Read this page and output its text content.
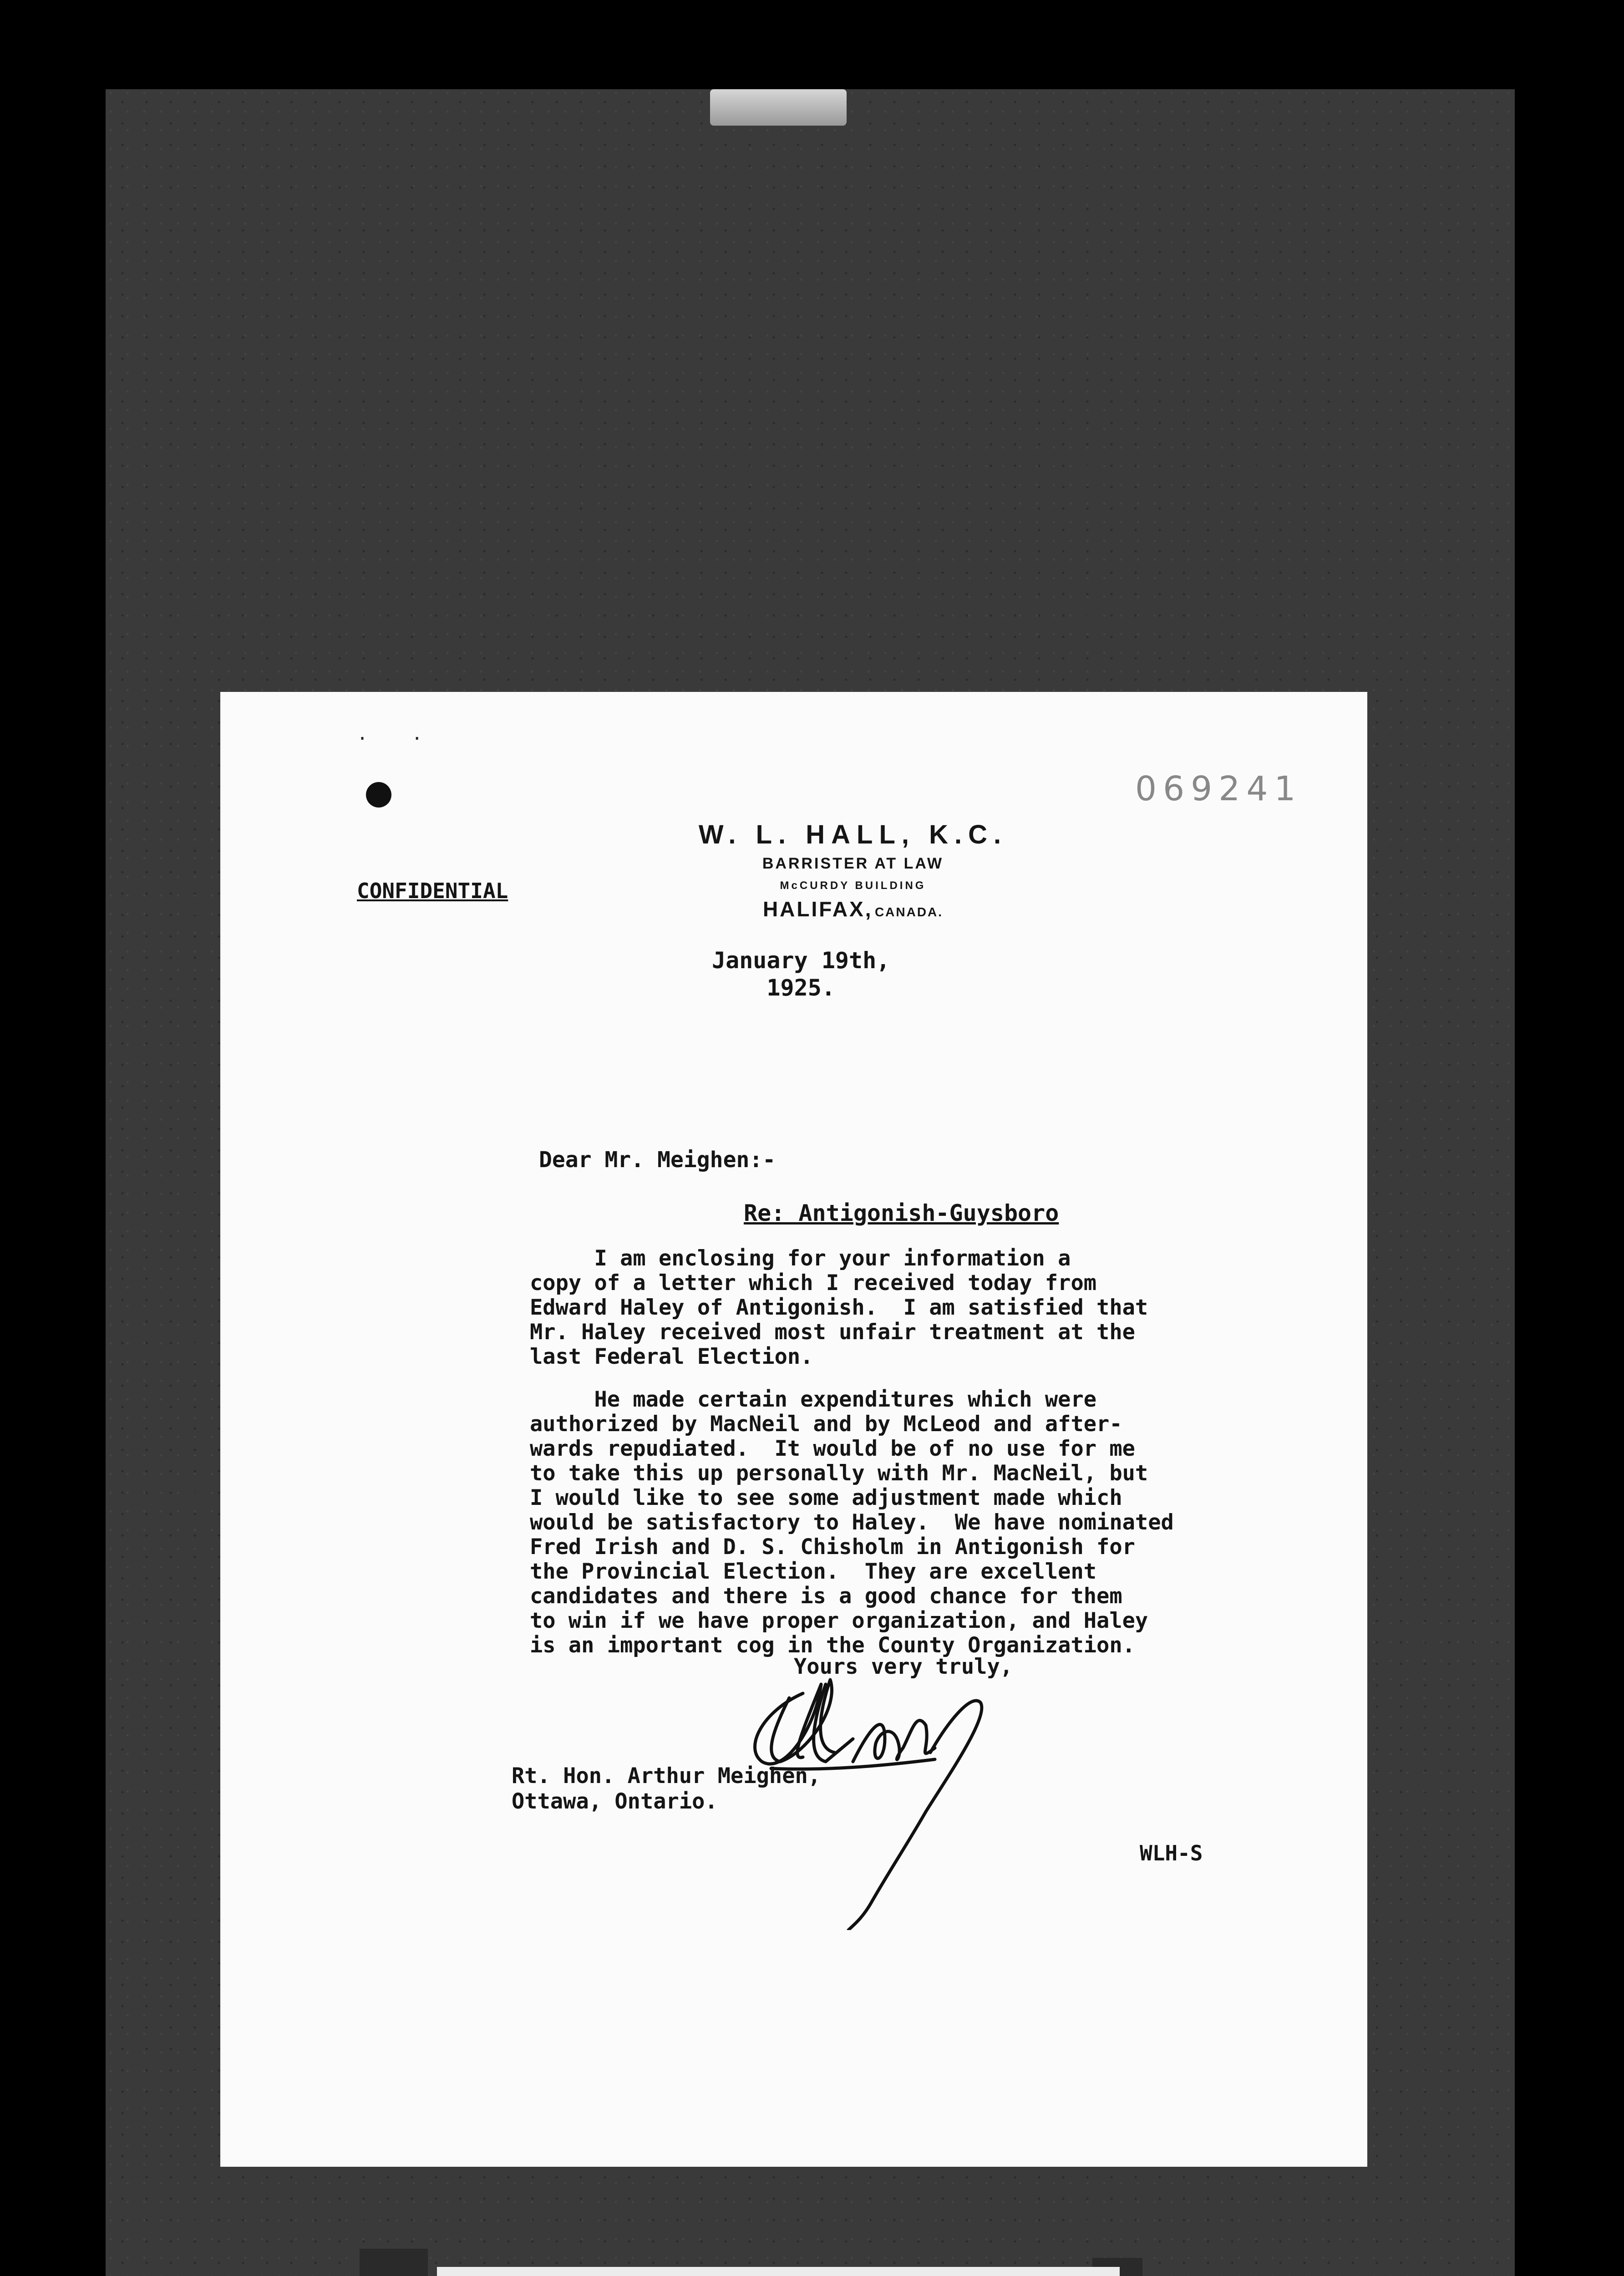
· ·

069241

W. L. HALL, K.C.

BARRISTER AT LAW

McCURDY BUILDING

HALIFAX, CANADA.

CONFIDENTIAL

January 19th,
1925.

Dear Mr. Meighen:-

Re: Antigonish-Guysboro

I am enclosing for your information a
copy of a letter which I received today from
Edward Haley of Antigonish.  I am satisfied that
Mr. Haley received most unfair treatment at the
last Federal Election.

He made certain expenditures which were
authorized by MacNeil and by McLeod and after-
wards repudiated.  It would be of no use for me
to take this up personally with Mr. MacNeil, but
I would like to see some adjustment made which
would be satisfactory to Haley.  We have nominated
Fred Irish and D. S. Chisholm in Antigonish for
the Provincial Election.  They are excellent
candidates and there is a good chance for them
to win if we have proper organization, and Haley
is an important cog in the County Organization.

Yours very truly,

Rt. Hon. Arthur Meighen,
Ottawa, Ontario.

WLH-S
